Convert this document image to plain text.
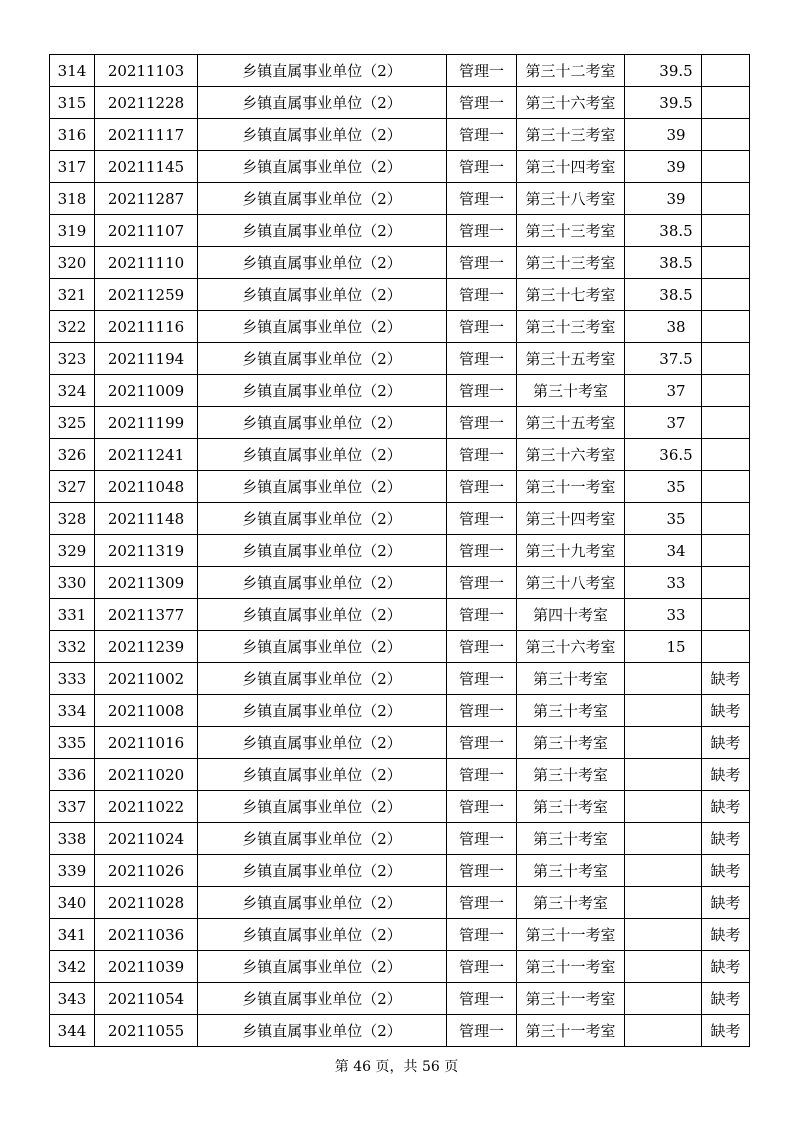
314	20211103	乡镇直属事业单位（2）	管理一	第三十二考室	39.5	
315	20211228	乡镇直属事业单位（2）	管理一	第三十六考室	39.5	
316	20211117	乡镇直属事业单位（2）	管理一	第三十三考室	39	
317	20211145	乡镇直属事业单位（2）	管理一	第三十四考室	39	
318	20211287	乡镇直属事业单位（2）	管理一	第三十八考室	39	
319	20211107	乡镇直属事业单位（2）	管理一	第三十三考室	38.5	
320	20211110	乡镇直属事业单位（2）	管理一	第三十三考室	38.5	
321	20211259	乡镇直属事业单位（2）	管理一	第三十七考室	38.5	
322	20211116	乡镇直属事业单位（2）	管理一	第三十三考室	38	
323	20211194	乡镇直属事业单位（2）	管理一	第三十五考室	37.5	
324	20211009	乡镇直属事业单位（2）	管理一	第三十考室	37	
325	20211199	乡镇直属事业单位（2）	管理一	第三十五考室	37	
326	20211241	乡镇直属事业单位（2）	管理一	第三十六考室	36.5	
327	20211048	乡镇直属事业单位（2）	管理一	第三十一考室	35	
328	20211148	乡镇直属事业单位（2）	管理一	第三十四考室	35	
329	20211319	乡镇直属事业单位（2）	管理一	第三十九考室	34	
330	20211309	乡镇直属事业单位（2）	管理一	第三十八考室	33	
331	20211377	乡镇直属事业单位（2）	管理一	第四十考室	33	
332	20211239	乡镇直属事业单位（2）	管理一	第三十六考室	15	
333	20211002	乡镇直属事业单位（2）	管理一	第三十考室		缺考
334	20211008	乡镇直属事业单位（2）	管理一	第三十考室		缺考
335	20211016	乡镇直属事业单位（2）	管理一	第三十考室		缺考
336	20211020	乡镇直属事业单位（2）	管理一	第三十考室		缺考
337	20211022	乡镇直属事业单位（2）	管理一	第三十考室		缺考
338	20211024	乡镇直属事业单位（2）	管理一	第三十考室		缺考
339	20211026	乡镇直属事业单位（2）	管理一	第三十考室		缺考
340	20211028	乡镇直属事业单位（2）	管理一	第三十考室		缺考
341	20211036	乡镇直属事业单位（2）	管理一	第三十一考室		缺考
342	20211039	乡镇直属事业单位（2）	管理一	第三十一考室		缺考
343	20211054	乡镇直属事业单位（2）	管理一	第三十一考室		缺考
344	20211055	乡镇直属事业单位（2）	管理一	第三十一考室		缺考
第 46 页，共 56 页
